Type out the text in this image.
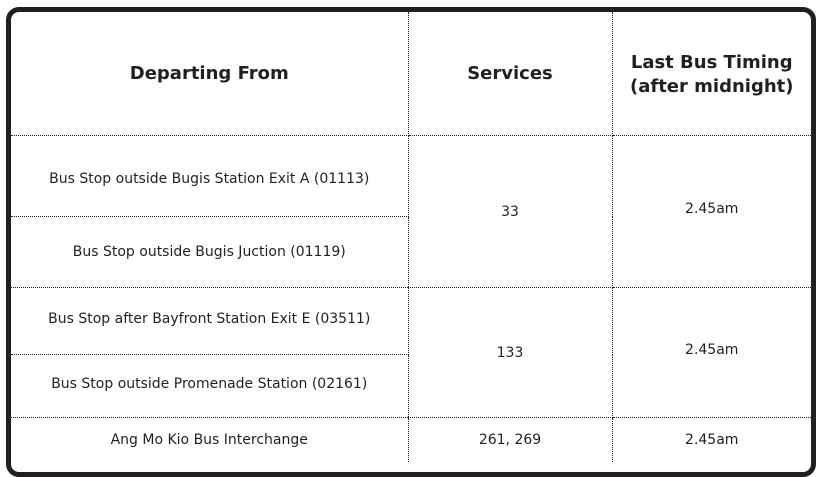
Departing From	Services	Last Bus Timing
(after midnight)

Bus Stop outside Bugis Station Exit A (01113)	33	2.45am
Bus Stop outside Bugis Juction (01119)		
Bus Stop after Bayfront Station Exit E (03511)	133	2.45am
Bus Stop outside Promenade Station (02161)		
Ang Mo Kio Bus Interchange	261, 269	2.45am
